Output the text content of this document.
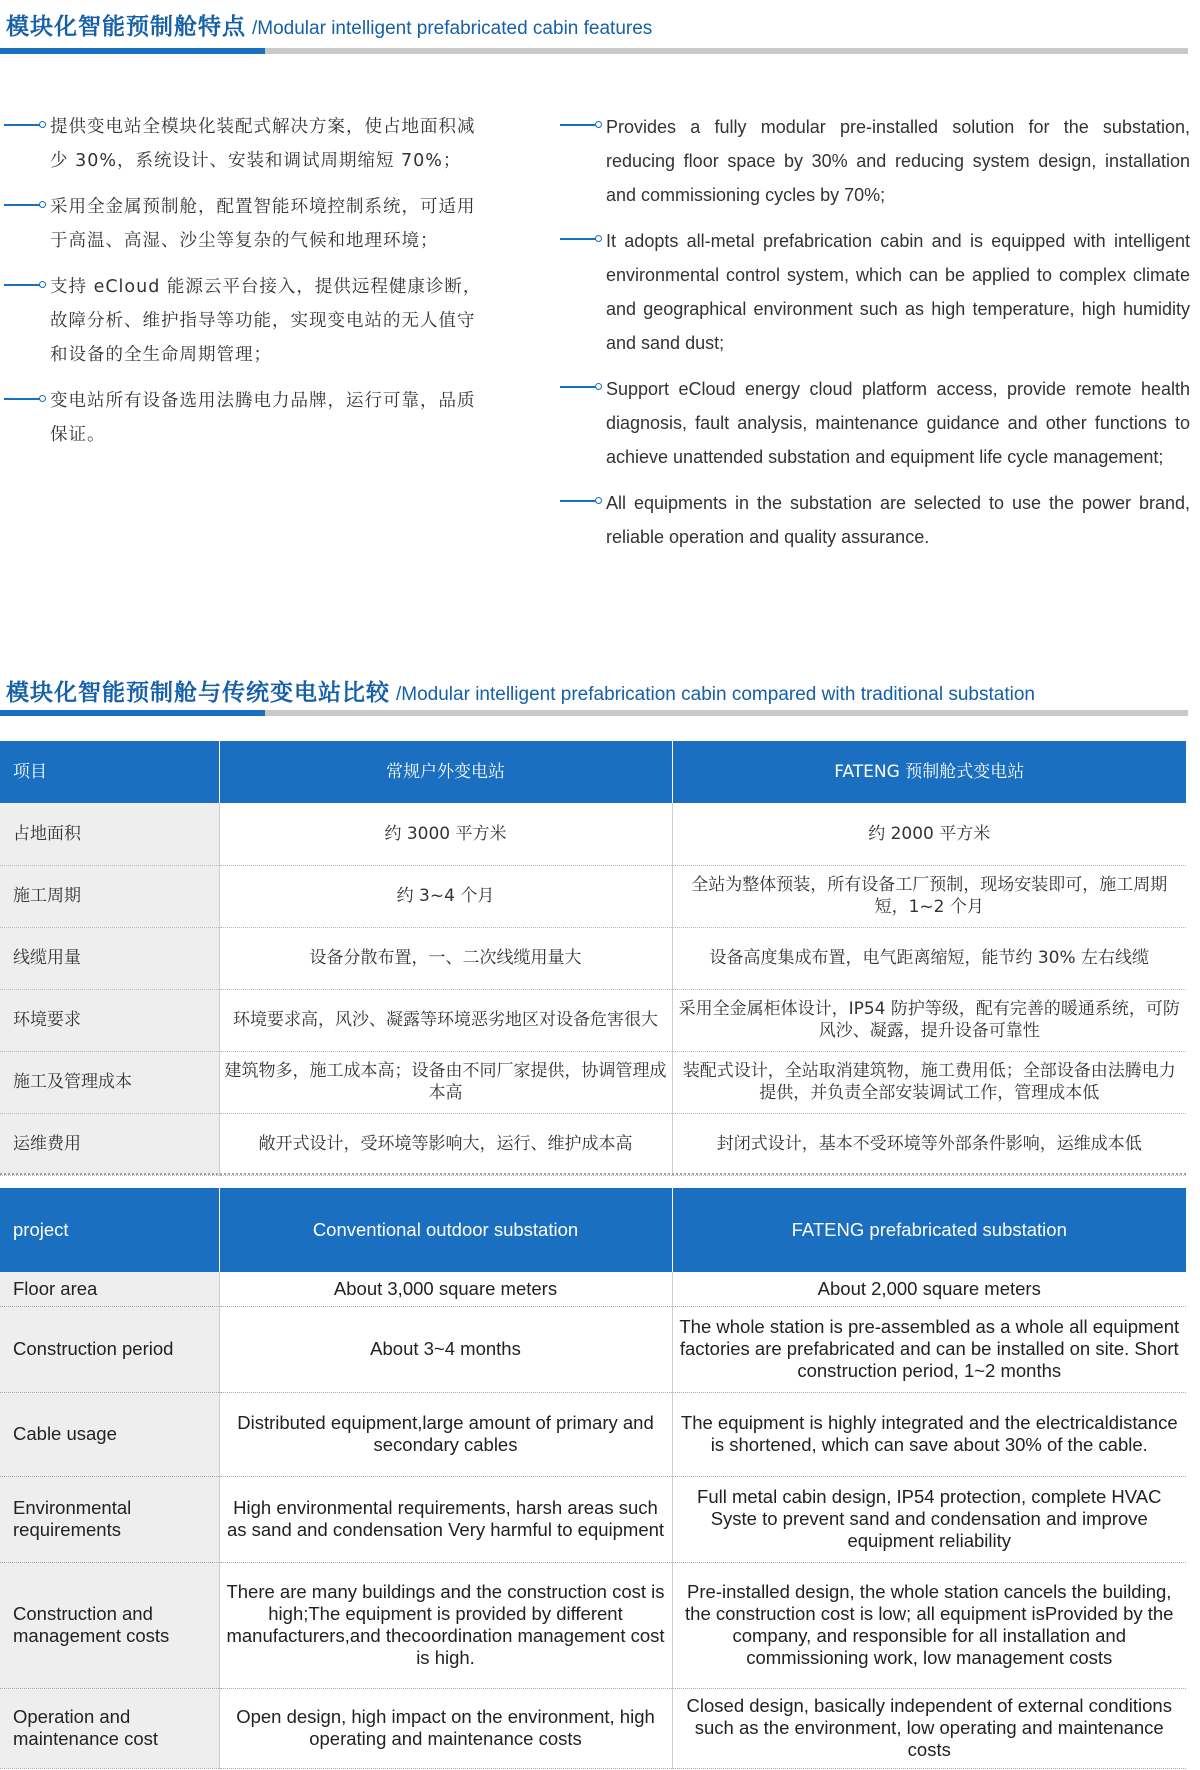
模块化智能预制舱特点 /Modular intelligent prefabricated cabin features
提供变电站全模块化装配式解决方案，使占地面积减少 30%，系统设计、安装和调试周期缩短 70%；
采用全金属预制舱，配置智能环境控制系统，可适用于高温、高湿、沙尘等复杂的气候和地理环境；
支持 eCloud 能源云平台接入，提供远程健康诊断，故障分析、维护指导等功能，实现变电站的无人值守和设备的全生命周期管理；
变电站所有设备选用法腾电力品牌，运行可靠，品质保证。
Provides a fully modular pre-installed solution for the substation, reducing floor space by 30% and reducing system design, installation and commissioning cycles by 70%;
It adopts all-metal prefabrication cabin and is equipped with intelligent environmental control system, which can be applied to complex climate and geographical environment such as high temperature, high humidity and sand dust;
Support eCloud energy cloud platform access, provide remote health diagnosis, fault analysis, maintenance guidance and other functions to achieve unattended substation and equipment life cycle management;
All equipments in the substation are selected to use the power brand, reliable operation and quality assurance.
模块化智能预制舱与传统变电站比较 /Modular intelligent prefabrication cabin compared with traditional substation
项目	常规户外变电站	FATENG 预制舱式变电站
占地面积	约 3000 平方米	约 2000 平方米
施工周期	约 3~4 个月	全站为整体预装，所有设备工厂预制，现场安装即可，施工周期短，1~2 个月
线缆用量	设备分散布置，一、二次线缆用量大	设备高度集成布置，电气距离缩短，能节约 30% 左右线缆
环境要求	环境要求高，风沙、凝露等环境恶劣地区对设备危害很大	采用全金属柜体设计，IP54 防护等级，配有完善的暖通系统，可防风沙、凝露，提升设备可靠性
施工及管理成本	建筑物多，施工成本高；设备由不同厂家提供，协调管理成本高	装配式设计，全站取消建筑物，施工费用低；全部设备由法腾电力提供，并负责全部安装调试工作，管理成本低
运维费用	敞开式设计，受环境等影响大，运行、维护成本高	封闭式设计，基本不受环境等外部条件影响，运维成本低
project	Conventional outdoor substation	FATENG prefabricated substation
Floor area	About 3,000 square meters	About 2,000 square meters
Construction period	About 3~4 months	The whole station is pre-assembled as a whole all equipment factories are prefabricated and can be installed on site. Short construction period, 1~2 months
Cable usage	Distributed equipment,large amount of primary and secondary cables	The equipment is highly integrated and the electricaldistance is shortened, which can save about 30% of the cable.
Environmental requirements	High environmental requirements, harsh areas such as sand and condensation Very harmful to equipment	Full metal cabin design, IP54 protection, complete HVAC Syste to prevent sand and condensation and improve equipment reliability
Construction and management costs	There are many buildings and the construction cost is high;The equipment is provided by different manufacturers,and thecoordination management cost is high.	Pre-installed design, the whole station cancels the building, the construction cost is low; all equipment isProvided by the company, and responsible for all installation and commissioning work, low management costs
Operation and maintenance cost	Open design, high impact on the environment, high operating and maintenance costs	Closed design, basically independent of external conditions such as the environment, low operating and maintenance costs
